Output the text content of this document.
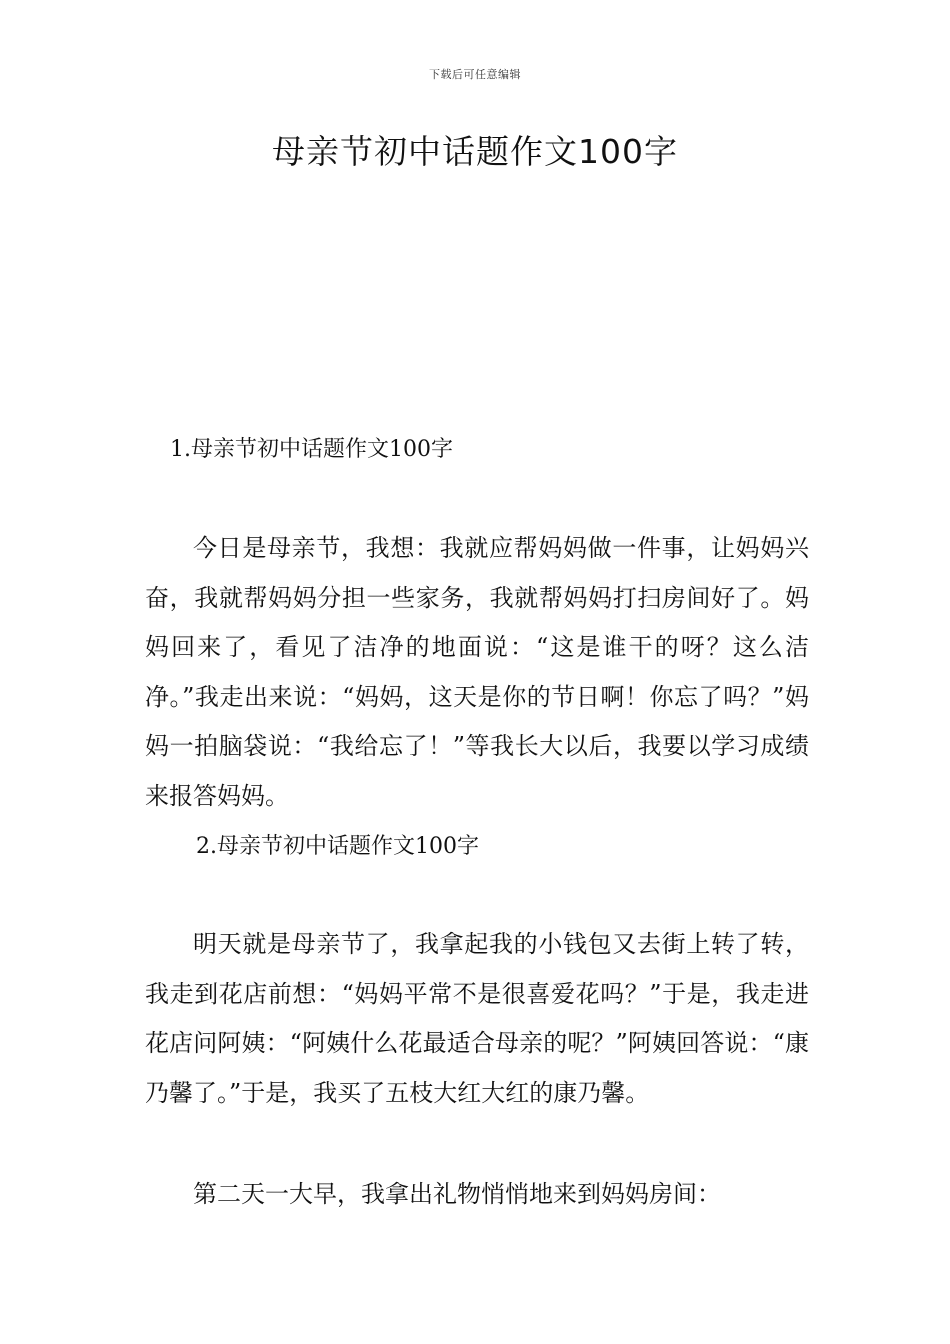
下载后可任意编辑
母亲节初中话题作文100字
1.母亲节初中话题作文100字

今日是母亲节，我想：我就应帮妈妈做一件事，让妈妈兴奋，我就帮妈妈分担一些家务，我就帮妈妈打扫房间好了。妈妈回来了，看见了洁净的地面说：“这是谁干的呀？这么洁净。”我走出来说：“妈妈，这天是你的节日啊！你忘了吗？”妈妈一拍脑袋说：“我给忘了！”等我长大以后，我要以学习成绩来报答妈妈。

2.母亲节初中话题作文100字

明天就是母亲节了，我拿起我的小钱包又去街上转了转，我走到花店前想：“妈妈平常不是很喜爱花吗？”于是，我走进花店问阿姨：“阿姨什么花最适合母亲的呢？”阿姨回答说：“康乃馨了。”于是，我买了五枝大红大红的康乃馨。

第二天一大早，我拿出礼物悄悄地来到妈妈房间：
